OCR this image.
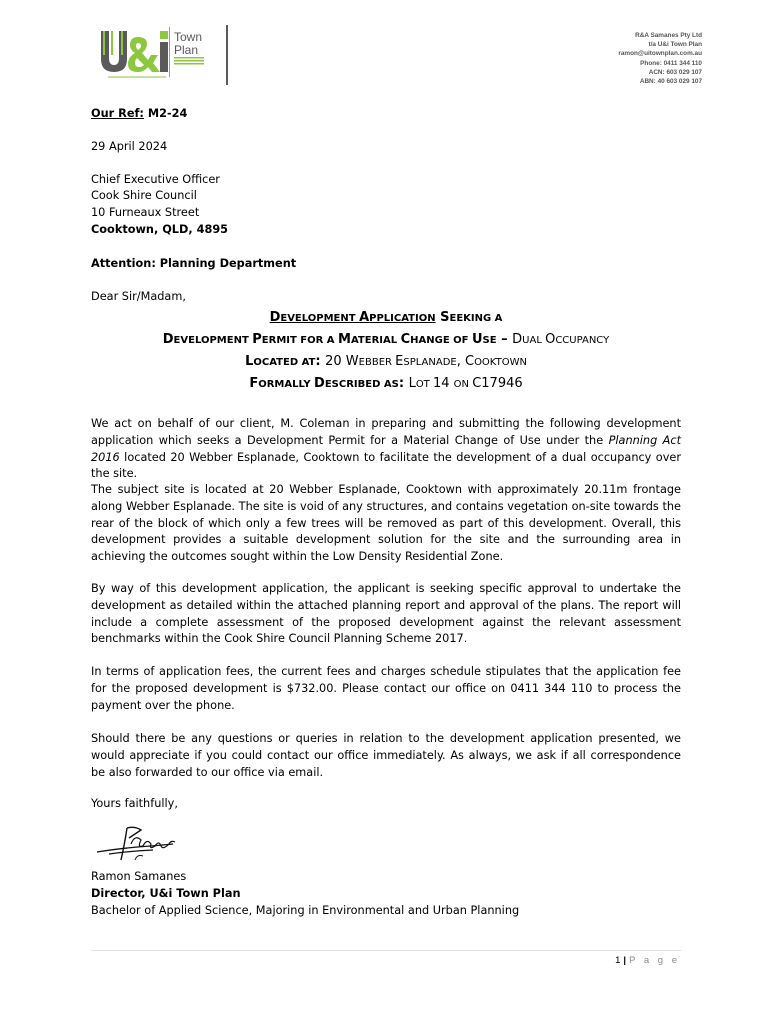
Town
Plan
R&A Samanes Pty Ltd
t/a U&i Town Plan
ramon@uitownplan.com.au
Phone: 0411 344 110
ACN: 603 029 107
ABN: 40 603 029 107
Our Ref: M2-24
29 April 2024
Chief Executive Officer
Cook Shire Council
10 Furneaux Street
Cooktown, QLD, 4895
Attention: Planning Department
Dear Sir/Madam,
DEVELOPMENT APPLICATION SEEKING A
DEVELOPMENT PERMIT FOR A MATERIAL CHANGE OF USE – DUAL OCCUPANCY
LOCATED AT: 20 WEBBER ESPLANADE, COOKTOWN
FORMALLY DESCRIBED AS: LOT 14 ON C17946
We act on behalf of our client, M. Coleman in preparing and submitting the following development application which seeks a Development Permit for a Material Change of Use under the Planning Act 2016 located 20 Webber Esplanade, Cooktown to facilitate the development of a dual occupancy over the site.
The subject site is located at 20 Webber Esplanade, Cooktown with approximately 20.11m frontage along Webber Esplanade. The site is void of any structures, and contains vegetation on-site towards the rear of the block of which only a few trees will be removed as part of this development. Overall, this development provides a suitable development solution for the site and the surrounding area in achieving the outcomes sought within the Low Density Residential Zone.
By way of this development application, the applicant is seeking specific approval to undertake the development as detailed within the attached planning report and approval of the plans. The report will include a complete assessment of the proposed development against the relevant assessment benchmarks within the Cook Shire Council Planning Scheme 2017.
In terms of application fees, the current fees and charges schedule stipulates that the application fee for the proposed development is $732.00. Please contact our office on 0411 344 110 to process the payment over the phone.
Should there be any questions or queries in relation to the development application presented, we would appreciate if you could contact our office immediately. As always, we ask if all correspondence be also forwarded to our office via email.
Yours faithfully,
Ramon Samanes
Director, U&i Town Plan
Bachelor of Applied Science, Majoring in Environmental and Urban Planning
1 | P a g e
